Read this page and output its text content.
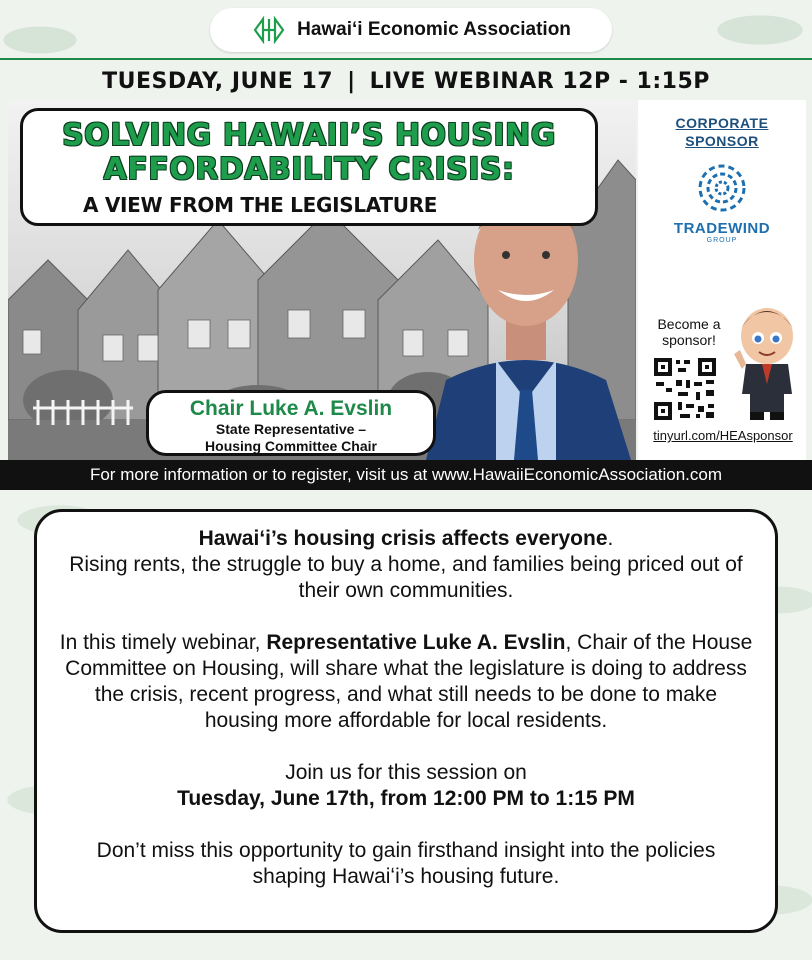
Hawaiʻi Economic Association
TUESDAY, JUNE 17 | LIVE WEBINAR 12P - 1:15P
SOLVING HAWAII’S HOUSING
AFFORDABILITY CRISIS:
A VIEW FROM THE LEGISLATURE
Chair Luke A. Evslin
State Representative –
Housing Committee Chair
CORPORATE
SPONSOR
TRADEWIND
GROUP
Become a
sponsor!
tinyurl.com/HEAsponsor
For more information or to register, visit us at www.HawaiiEconomicAssociation.com

Hawaiʻi’s housing crisis affects everyone.
Rising rents, the struggle to buy a home, and families being priced out of their own communities.

In this timely webinar, Representative Luke A. Evslin, Chair of the House Committee on Housing, will share what the legislature is doing to address the crisis, recent progress, and what still needs to be done to make housing more affordable for local residents.

Join us for this session on
Tuesday, June 17th, from 12:00 PM to 1:15 PM

Don’t miss this opportunity to gain firsthand insight into the policies shaping Hawaiʻi’s housing future.
